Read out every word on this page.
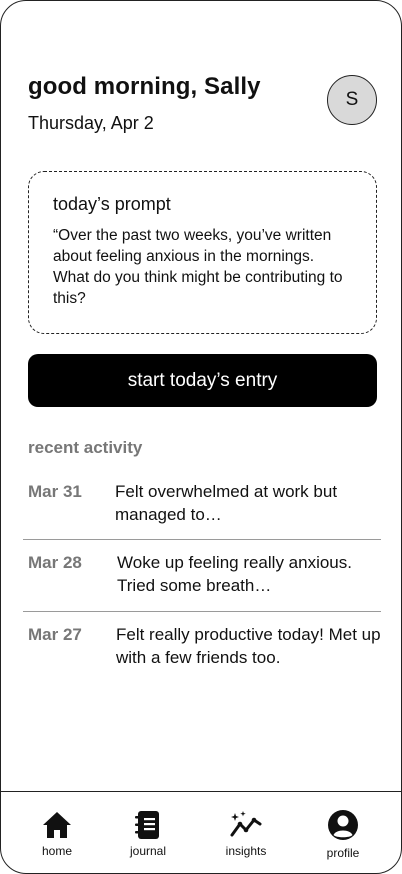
good morning, Sally
Thursday, Apr 2
S
today’s prompt
“Over the past two weeks, you’ve written about feeling anxious in the mornings. What do you think might be contributing to this?
start today’s entry
recent activity
Mar 31	Felt overwhelmed at work but managed to…
Mar 28	Woke up feeling really anxious. Tried some breath…
Mar 27	Felt really productive today! Met up with a few friends too.
home	journal	insights	profile
